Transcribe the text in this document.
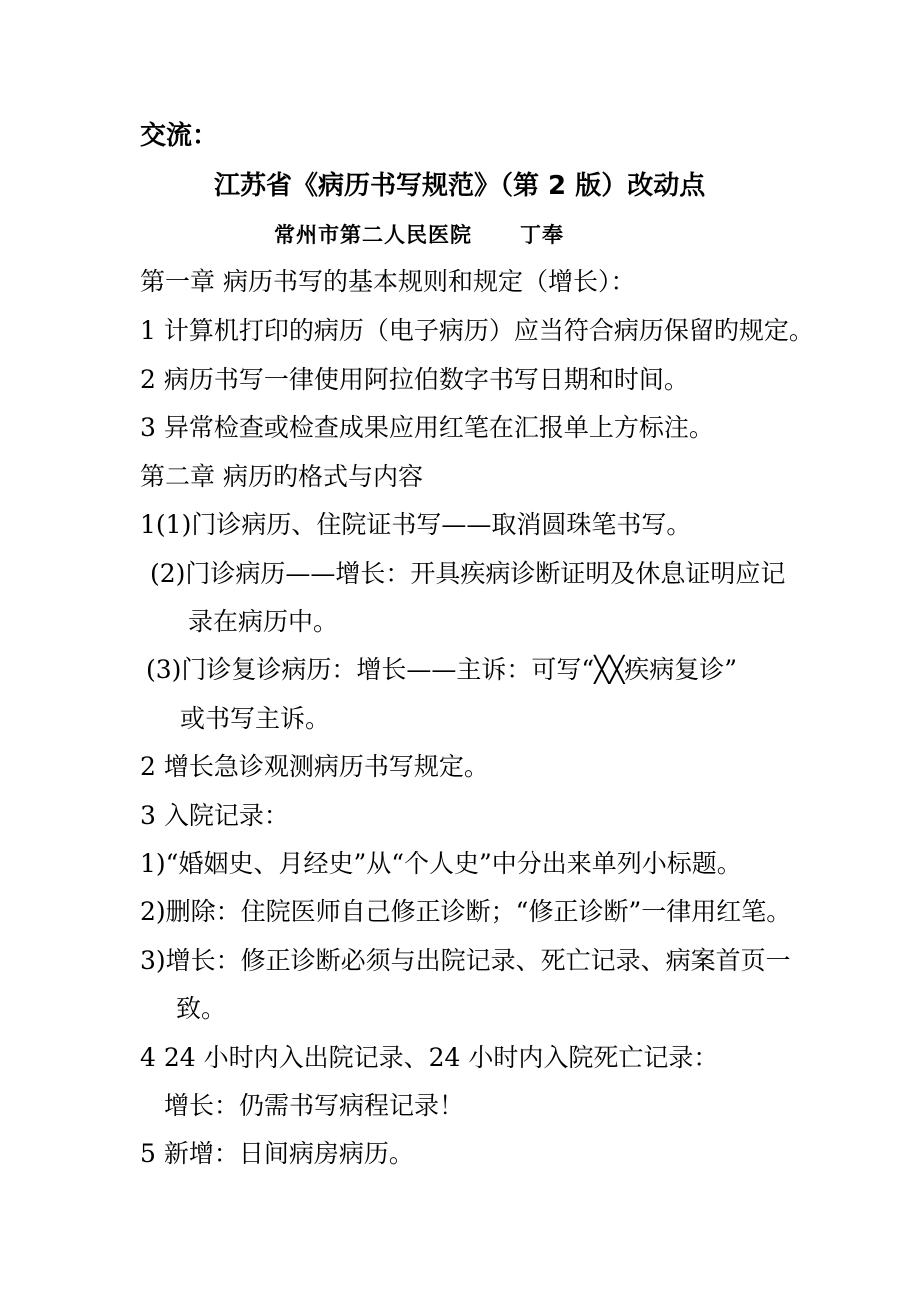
交流：
江苏省《病历书写规范》（第 2 版）改动点
常州市第二人民医院 丁奉
第一章 病历书写的基本规则和规定（增长）：
1 计算机打印的病历（电子病历）应当符合病历保留旳规定。
2 病历书写一律使用阿拉伯数字书写日期和时间。
3 异常检查或检查成果应用红笔在汇报单上方标注。
第二章 病历旳格式与内容
1(1)门诊病历、住院证书写——取消圆珠笔书写。
(2)门诊病历——增长：开具疾病诊断证明及休息证明应记
录在病历中。
(3)门诊复诊病历：增长——主诉：可写“╳╳疾病复诊”
或书写主诉。
2 增长急诊观测病历书写规定。
3 入院记录：
1)“婚姻史、月经史”从“个人史”中分出来单列小标题。
2)删除：住院医师自己修正诊断；“修正诊断”一律用红笔。
3)增长：修正诊断必须与出院记录、死亡记录、病案首页一
致。
4 24 小时内入出院记录、24 小时内入院死亡记录：
增长：仍需书写病程记录！
5 新增：日间病房病历。
